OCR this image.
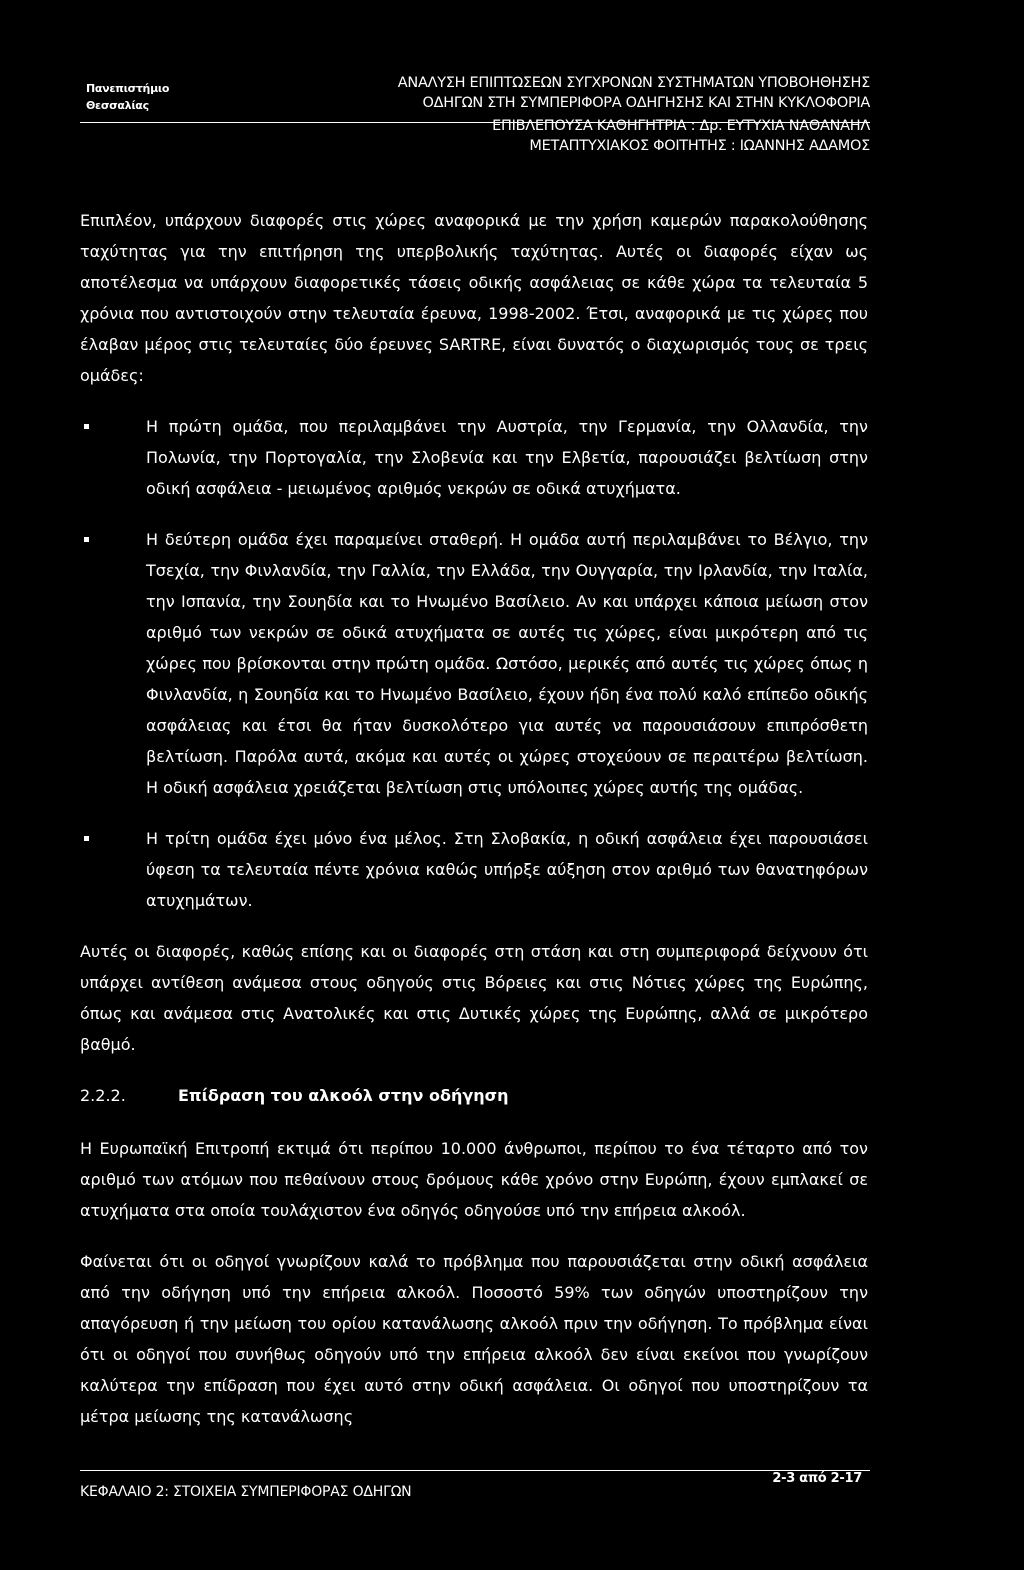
Πανεπιστήμιο
Θεσσαλίας
ΑΝΑΛΥΣΗ ΕΠΙΠΤΩΣΕΩΝ ΣΥΓΧΡΟΝΩΝ ΣΥΣΤΗΜΑΤΩΝ ΥΠΟΒΟΗΘΗΣΗΣ
ΟΔΗΓΩΝ ΣΤΗ ΣΥΜΠΕΡΙΦΟΡΑ ΟΔΗΓΗΣΗΣ ΚΑΙ ΣΤΗΝ ΚΥΚΛΟΦΟΡΙΑ
ΕΠΙΒΛΕΠΟΥΣΑ ΚΑΘΗΓΗΤΡΙΑ : Δρ. ΕΥΤΥΧΙΑ ΝΑΘΑΝΑΗΛ
ΜΕΤΑΠΤΥΧΙΑΚΟΣ ΦΟΙΤΗΤΗΣ : ΙΩΑΝΝΗΣ ΑΔΑΜΟΣ

Επιπλέον, υπάρχουν διαφορές στις χώρες αναφορικά με την χρήση καμερών παρακολούθησης ταχύτητας για την επιτήρηση της υπερβολικής ταχύτητας. Αυτές οι διαφορές είχαν ως αποτέλεσμα να υπάρχουν διαφορετικές τάσεις οδικής ασφάλειας σε κάθε χώρα τα τελευταία 5 χρόνια που αντιστοιχούν στην τελευταία έρευνα, 1998-2002. Έτσι, αναφορικά με τις χώρες που έλαβαν μέρος στις τελευταίες δύο έρευνες SARTRE, είναι δυνατός ο διαχωρισμός τους σε τρεις ομάδες:

Η πρώτη ομάδα, που περιλαμβάνει την Αυστρία, την Γερμανία, την Ολλανδία, την Πολωνία, την Πορτογαλία, την Σλοβενία και την Ελβετία, παρουσιάζει βελτίωση στην οδική ασφάλεια - μειωμένος αριθμός νεκρών σε οδικά ατυχήματα.
Η δεύτερη ομάδα έχει παραμείνει σταθερή. Η ομάδα αυτή περιλαμβάνει το Βέλγιο, την Τσεχία, την Φινλανδία, την Γαλλία, την Ελλάδα, την Ουγγαρία, την Ιρλανδία, την Ιταλία, την Ισπανία, την Σουηδία και το Ηνωμένο Βασίλειο. Αν και υπάρχει κάποια μείωση στον αριθμό των νεκρών σε οδικά ατυχήματα σε αυτές τις χώρες, είναι μικρότερη από τις χώρες που βρίσκονται στην πρώτη ομάδα. Ωστόσο, μερικές από αυτές τις χώρες όπως η Φινλανδία, η Σουηδία και το Ηνωμένο Βασίλειο, έχουν ήδη ένα πολύ καλό επίπεδο οδικής ασφάλειας και έτσι θα ήταν δυσκολότερο για αυτές να παρουσιάσουν επιπρόσθετη βελτίωση. Παρόλα αυτά, ακόμα και αυτές οι χώρες στοχεύουν σε περαιτέρω βελτίωση. Η οδική ασφάλεια χρειάζεται βελτίωση στις υπόλοιπες χώρες αυτής της ομάδας.
Η τρίτη ομάδα έχει μόνο ένα μέλος. Στη Σλοβακία, η οδική ασφάλεια έχει παρουσιάσει ύφεση τα τελευταία πέντε χρόνια καθώς υπήρξε αύξηση στον αριθμό των θανατηφόρων ατυχημάτων.

Αυτές οι διαφορές, καθώς επίσης και οι διαφορές στη στάση και στη συμπεριφορά δείχνουν ότι υπάρχει αντίθεση ανάμεσα στους οδηγούς στις Βόρειες και στις Νότιες χώρες της Ευρώπης, όπως και ανάμεσα στις Ανατολικές και στις Δυτικές χώρες της Ευρώπης, αλλά σε μικρότερο βαθμό.

2.2.2.	Επίδραση του αλκοόλ στην οδήγηση

Η Ευρωπαϊκή Επιτροπή εκτιμά ότι περίπου 10.000 άνθρωποι, περίπου το ένα τέταρτο από τον αριθμό των ατόμων που πεθαίνουν στους δρόμους κάθε χρόνο στην Ευρώπη, έχουν εμπλακεί σε ατυχήματα στα οποία τουλάχιστον ένα οδηγός οδηγούσε υπό την επήρεια αλκοόλ.

Φαίνεται ότι οι οδηγοί γνωρίζουν καλά το πρόβλημα που παρουσιάζεται στην οδική ασφάλεια από την οδήγηση υπό την επήρεια αλκοόλ. Ποσοστό 59% των οδηγών υποστηρίζουν την απαγόρευση ή την μείωση του ορίου κατανάλωσης αλκοόλ πριν την οδήγηση. Το πρόβλημα είναι ότι οι οδηγοί που συνήθως οδηγούν υπό την επήρεια αλκοόλ δεν είναι εκείνοι που γνωρίζουν καλύτερα την επίδραση που έχει αυτό στην οδική ασφάλεια. Οι οδηγοί που υποστηρίζουν τα μέτρα μείωσης της κατανάλωσης

ΚΕΦΑΛΑΙΟ 2: ΣΤΟΙΧΕΙΑ ΣΥΜΠΕΡΙΦΟΡΑΣ ΟΔΗΓΩΝ
2-3 από 2-17
